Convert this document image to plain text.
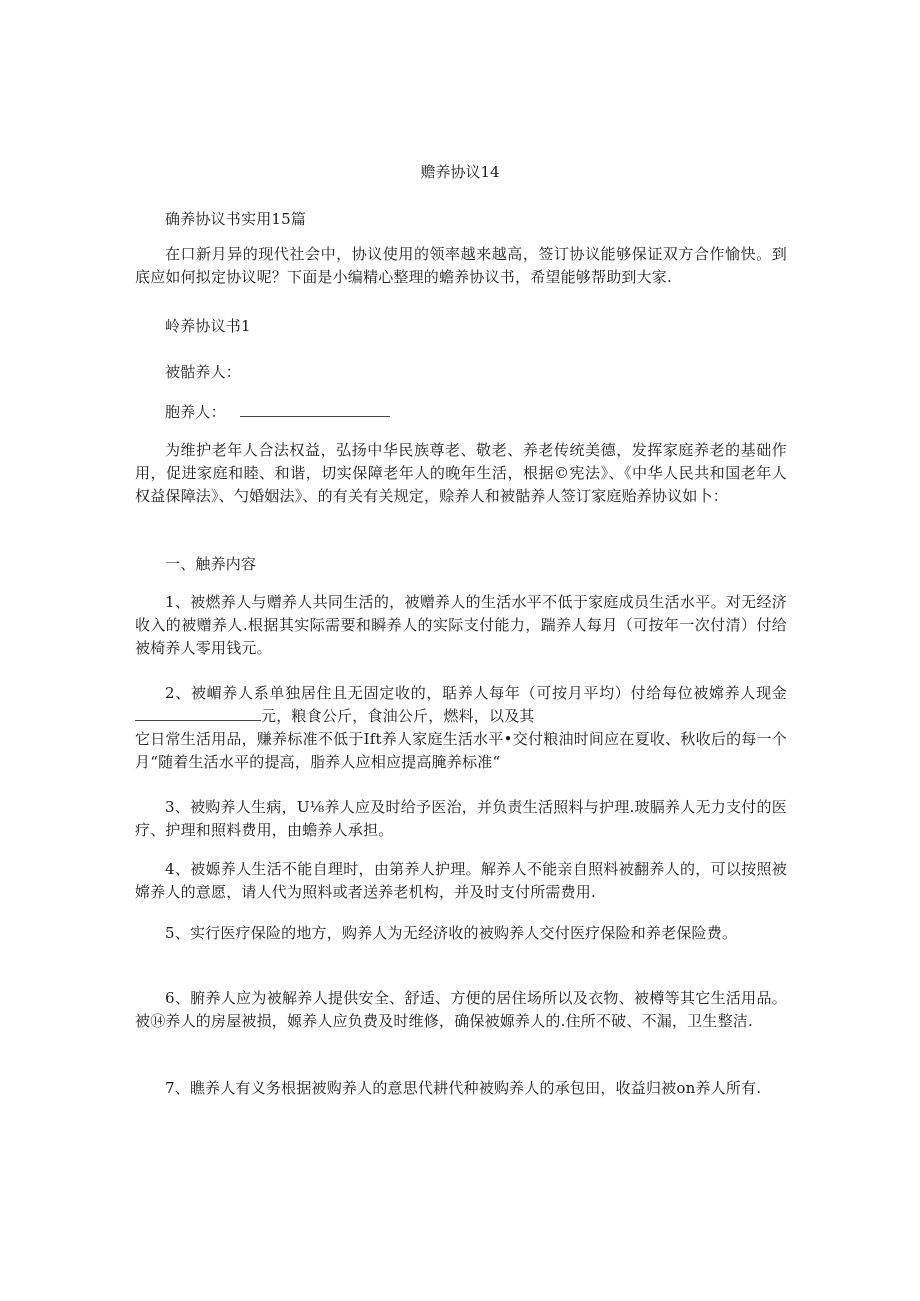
赡养协议14

确养协议书实用15篇

在口新月异的现代社会中，协议使用的领率越来越高，签订协议能够保证双方合作愉快。到底应如何拟定协议呢？下面是小编精心整理的蟾养协议书，希望能够帮助到大家.

岭养协议书1

被骷养人：

胞养人：

为维护老年人合法权益，弘扬中华民族尊老、敬老、养老传统美德，发挥家庭养老的基础作用，促进家庭和睦、和谐，切实保障老年人的晚年生活，根据©宪法》、《中华人民共和国老年人权益保障法》、勺婚姻法》、的有关有关规定，赊养人和被骷养人签订家庭贻养协议如卜：

一、触养内容

1、被燃养人与赠养人共同生活的，被赠养人的生活水平不低于家庭成员生活水平。对无经济收入的被赠养人.根据其实际需要和瞬养人的实际支付能力，踹养人每月（可按年一次付清）付给被椅养人零用钱元。

2、被嵋养人系单独居住且无固定收的，聒养人每年（可按月平均）付给每位被嫦养人现金元，粮食公斤，食油公斤，燃料，以及其

它日常生活用品，赚养标准不低于Ift养人家庭生活水平•交付粮油时间应在夏收、秋收后的每一个月“随着生活水平的提高，脂养人应相应提高腌养标准“

3、被购养人生病，U⅛养人应及时给予医治，并负责生活照料与护理.玻膈养人无力支付的医疗、护理和照料费用，由蟾养人承担。

4、被嫄养人生活不能自理时，由第养人护理。解养人不能亲自照料被翻养人的，可以按照被嫦养人的意愿，请人代为照料或者送养老机构，并及时支付所需费用.

5、实行医疗保险的地方，购养人为无经济收的被购养人交付医疗保险和养老保险费。

6、腑养人应为被解养人提供安全、舒适、方便的居住场所以及衣物、被樽等其它生活用品。被⑭养人的房屋被损，嫄养人应负费及时维修，确保被嫄养人的.住所不破、不漏，卫生整洁.

7、瞧养人有义务根据被购养人的意思代耕代种被购养人的承包田，收益归被on养人所有.
